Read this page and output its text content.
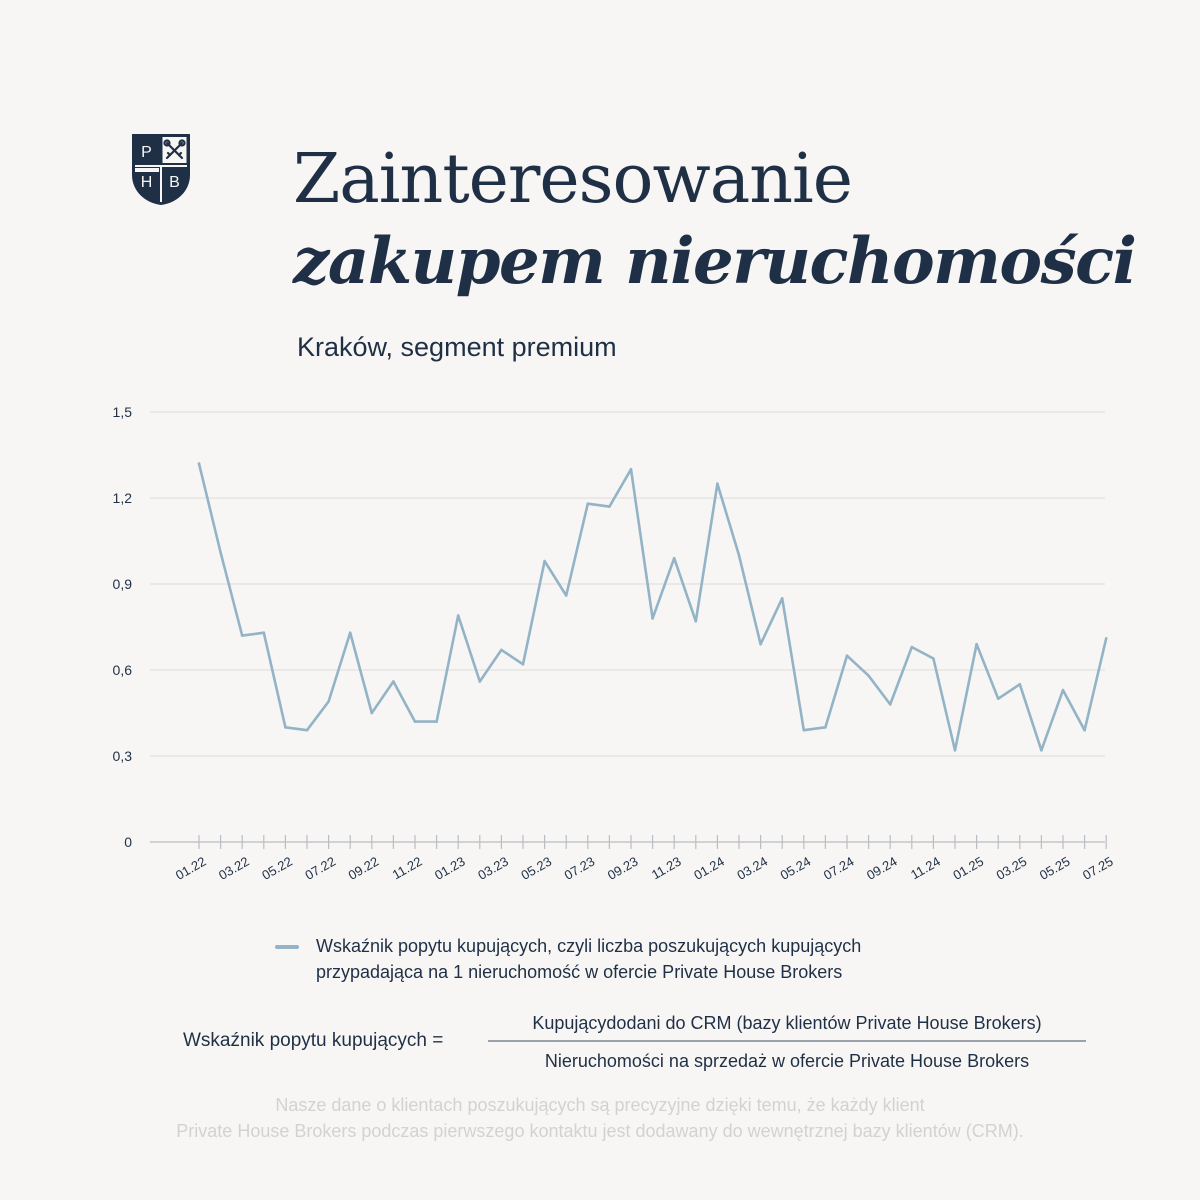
P
H B Zainteresowanie
zakupem nieruchomości

Kraków, segment premium

0
0,3
0,6
0,9
1,2
1,5
01.22 03.22 05.22 07.22 09.22 11.22 01.23 03.23 05.23 07.23 09.23 11.23 01.24 03.24 05.24 07.24 09.24 11.24 01.25 03.25 05.25 07.25
Wskaźnik popytu kupujących, czyli liczba poszukujących kupujących
przypadająca na 1 nieruchomość w ofercie Private House Brokers
Wskaźnik popytu kupujących =
Kupującydodani do CRM (bazy klientów Private House Brokers)
Nieruchomości na sprzedaż w ofercie Private House Brokers
Nasze dane o klientach poszukujących są precyzyjne dzięki temu, że każdy klient
Private House Brokers podczas pierwszego kontaktu jest dodawany do wewnętrznej bazy klientów (CRM).
